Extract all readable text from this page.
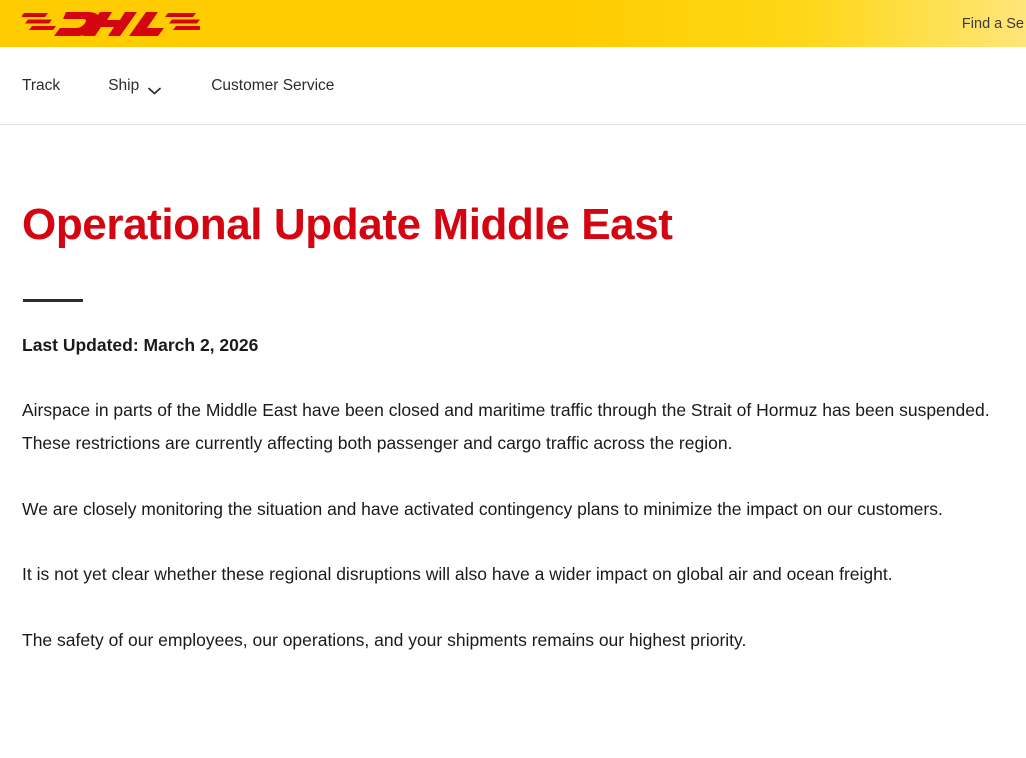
Find a Se
Track	Ship	Customer Service
Operational Update Middle East

Last Updated: March 2, 2026

Airspace in parts of the Middle East have been closed and maritime traffic through the Strait of Hormuz has been suspended. These restrictions are currently affecting both passenger and cargo traffic across the region.

We are closely monitoring the situation and have activated contingency plans to minimize the impact on our customers.

It is not yet clear whether these regional disruptions will also have a wider impact on global air and ocean freight.

The safety of our employees, our operations, and your shipments remains our highest priority.
